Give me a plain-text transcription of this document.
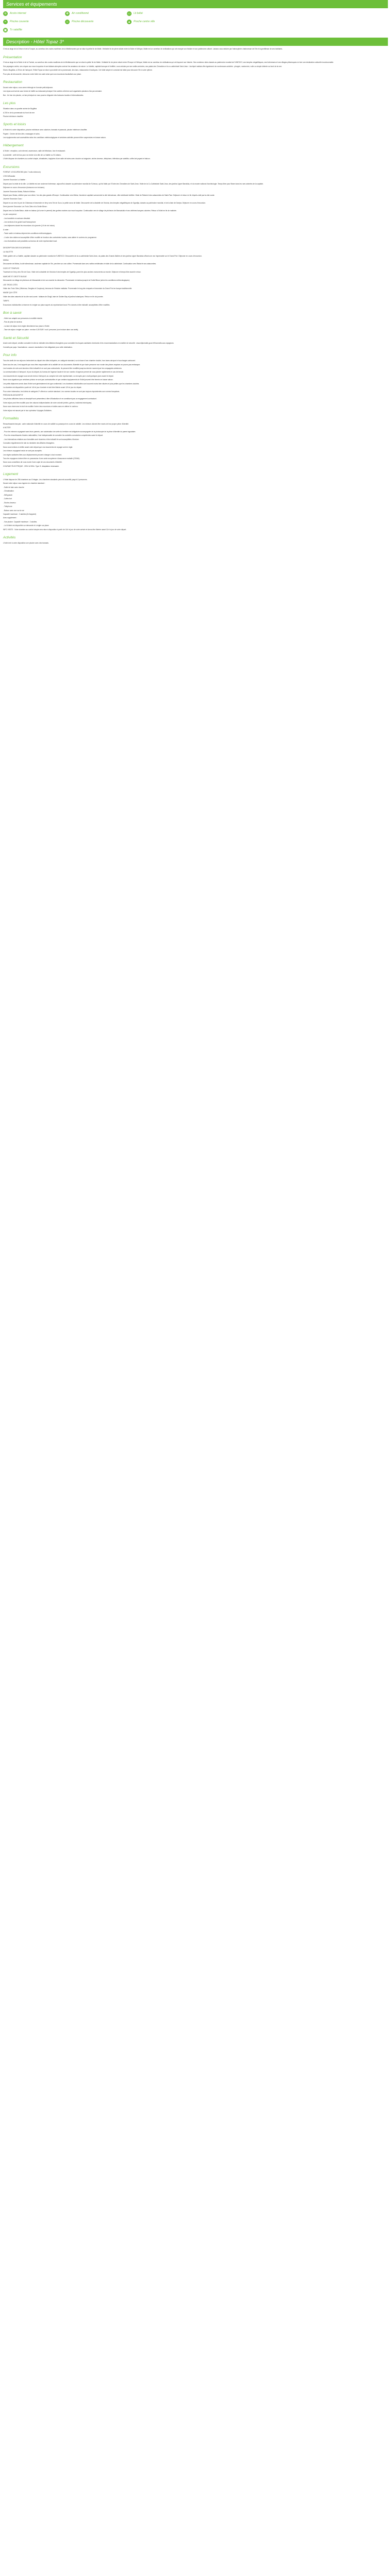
Services et équipements
≋	Accès internet	✻	Air conditionné	▭	Lit bébé
≈	Piscine couverte	☼	Piscine découverte	▲	Proche centre ville
▣	Tv satellite
Description - Hôtel Topaz 3*

C'est au large de la Grèce et de la Turquie, au carrefour des routes maritimes de la Méditerranée que se situe la petite île de Malte. Véritable île de pierre située entre la Sicile et l'Afrique, Malte est un carrefour de civilisations qui ont marqué son histoire et son patrimoine culturel. Laissez-vous séduire par l'atmosphère chaleureuse de l'île et la gentillesse de ses habitants.

Présentation

C'est au large de la Sicile et de la Tunisie, au carrefour des routes maritimes de la Méditerranée que se situe la petite île de Malte. Véritable île de pierre située entre l'Europe et l'Afrique, Malte est un carrefour de civilisations qui ont façonné son histoire. Ses nombreux sites classés au patrimoine mondial de l'UNESCO, ses temples mégalithiques, ses forteresses et ses villages pittoresques en font une destination culturelle incontournable.

Ses paysages variés, ses criques aux eaux turquoise et ses falaises abruptes raviront les amateurs de nature. La Valette, capitale baroque et fortifiée, vous séduira par ses ruelles animées, ses palais des Chevaliers et la co-cathédrale Saint-Jean. L'archipel maltais offre également de nombreuses activités : plongée, randonnée, voile ou simple détente au bord de la mer.

Situé à Bugibba, à 25 km de l'aéroport, l'Hôtel Topaz se situe à proximité de la promenade, des bars, restaurants et boutiques. Cet hôtel simple et convivial est idéal pour découvrir l'île à votre rythme.

Pour plus de découverte, retrouvez notre hôtel à la carte ainsi que nos excursions facultatives sur place.

Restauration

Durant votre séjour, vous serez hébergé en formule petit-déjeuner.

Les repas sont servis sous forme de buffet au restaurant principal. Des soirées à thème sont organisées plusieurs fois par semaine.

Bar : Un bar à la piscine, un bar principal où vous pourrez déguster des boissons locales et internationales.

Les plus

Situation dans un quartier animé de Bugibba

A 200 m de la promenade du front de mer

Piscine intérieure chauffée

Sports et loisirs

A l'hôtel et à votre disposition, piscine extérieure avec solarium, transats et parasols, piscine intérieure chauffée.

Payant : Centre de bien-être, massages et soins.

Les équipements sont accessibles selon les conditions météorologiques et certaines activités peuvent être suspendues en basse saison.

Hébergement

A l'hôtel : réception, coin internet, ascenseurs, salle de télévision, bar et restaurant.

A proximité : arrêt de bus pour se rendre à la ville de La Valette ou St Julians.

L'hôtel dispose de chambres au confort simple, climatisées, équipées d'une salle de bains avec douche ou baignoire, sèche-cheveux, téléphone, télévision par satellite, coffre-fort payant et balcon.

Excursions

FORFAIT 4 EXCURSIONS (dès 7 nuits minimum)

178 EUR/adulte

Journée Excursion La Valette :

Départ pour la visite de la ville. La Valette est une ancienne forteresse, aujourd'hui classée au patrimoine mondial de l'Unesco, qui fut bâtie par l'Ordre des Chevaliers de Saint-Jean. Visite de la Co-Cathédrale Saint-Jean, des jardins Upper Barrakka, et du musée national d'archéologie. Temps libre pour flâner dans les rues animées de la capitale.

Déjeuner en cours d'excursion (boissons non incluses).

Journée Excursion Mosta, Rabat et Mdina :

Départ pour Mosta, célèbre pour son dôme, l'un des plus grands d'Europe. Continuation vers Mdina, l'ancienne capitale surnommée la cité silencieuse, ville médiévale fortifiée. Visite de Rabat et des catacombes de Saint-Paul. Déjeuner et retour en fin d'après-midi par la côte ouest.

Journée Excursion Gozo :

Départ en car vers le port de Cirkewwa et traversée en ferry vers l'île de Gozo, la petite sœur de Malte. Découverte de la citadelle de Victoria, des temples mégalithiques de Ggantija, classés au patrimoine mondial, et de la baie de Dwejra. Déjeuner en cours d'excursion.

Demi-journée Excursion Les Trois Cités et la Grotte Bleue :

Départ vers la Grotte Bleue, visite en bateau (si la mer le permet) des grottes marines aux eaux turquoise. Continuation vers le village de pêcheurs de Marsaxlokk et ses célèbres barques colorées. Retour à l'hôtel en fin de matinée.

Le prix comprend :

- Les transferts en autocar climatisé

- Les services d'un guide local francophone

- Les déjeuners durant les excursions à la journée (1/4 de vin inclus)

A noter :

- Toute sortie en bateau dépend des conditions météorologiques.

- L'ordre des visites est susceptible d'être modifié en fonction des contraintes locales, sans altérer le contenu du programme.

- Les réservations sont possibles au bureau de notre représentant local.

DESCRIPTION DES EXCURSIONS

LA VALETTE

Visite guidée de La Valette, capitale classée au patrimoine mondial de l'UNESCO. Découverte de la co-cathédrale Saint-Jean, du palais des Grands Maîtres et des jardins Upper Barrakka offrant une vue imprenable sur le Grand Port. Déjeuner en cours d'excursion.

MDINA

Découverte de Mdina, la cité silencieuse, ancienne capitale de l'île, perchée sur une colline. Promenade dans ses ruelles médiévales et visite de la cathédrale. Continuation vers Rabat et ses catacombes.

GOZO ET TEMPLES

Traversée en ferry vers l'île de Gozo. Visite de la citadelle de Victoria et des temples de Ggantija, parmi les plus anciens monuments au monde. Déjeuner et temps libre avant le retour.

MARCHÉ ET GROTTE BLEUE

Découverte du village de pêcheurs de Marsaxlokk et de son marché du dimanche. Promenade en bateau jusqu'à la Grotte Bleue (selon les conditions météorologiques).

LES TROIS CITÉS

Visite des Trois Cités (Vittoriosa, Senglea et Cospicua), berceau de l'histoire maltaise. Promenade le long des remparts et traversée du Grand Port en barque traditionnelle.

MAGIE QUI CÔTE

Visite des sites naturels de la côte nord-ouest : falaises de Dingli, baie de Golden Bay et jardins botaniques. Retour en fin de journée.

TARIFS

Excursions individuelles à réserver et à régler sur place auprès du représentant local. Prix donnés à titre indicatif, susceptibles d'être modifiés.

Bon à savoir

- Hôtel non adapté aux personnes à mobilité réduite.

- Pas de prise de secteur.

- La taxe de séjour est à régler directement sur place à l'hôtel.

- Taxe de séjour à régler sur place : environ 0,50 EUR / nuit / personne (non incluse dans nos tarifs).

Santé et Sécurité

Avant votre départ, veuillez consulter le site du ministère des Affaires étrangères pour connaître les risques sanitaires éventuels et les recommandations en matière de sécurité : www.diplomatie.gouv.fr/fr/conseils-aux-voyageurs.

Conseils par pays. Vaccinations : aucune vaccination n'est obligatoire pour cette destination.

Pour info

Tous les tarifs de nos séjours s'entendent au départ des villes indiquées, en catégorie standard, sur la base d'une chambre double, hors taxes aéroport et surcharges carburant.

Dans tous les cas, il est rappelé que vous êtes responsable de la validité de vos documents d'identité et que toute personne non munie des pièces requises ne pourra pas embarquer.

Les horaires de vols sont donnés à titre indicatif et ne sont pas contractuels. Ils peuvent être modifiés jusqu'au dernier moment par les compagnies aériennes.

La communication à l'aéroport, le jour du départ, du bureau de l'agence locale et de son numéro d'urgence permet de vous joindre rapidement en cas de besoin.

Les documents de voyage vous seront remis à l'aéroport, au comptoir de notre représentant, ou envoyés par e-mail quelques jours avant le départ.

Nous vous signalons que certaines photos ne sont pas contractuelles et que certains équipements de l'hôtel peuvent être fermés en basse saison.

Les petits déjeuners servis dans l'hôtel sont généralement de type continental. Les chambres individuelles sont souvent moins bien situées et plus petites que les chambres doubles.

La chambre est disponible à partir de 14h le jour d'arrivée et doit être libérée avant 12h le jour du départ.

Pour votre information, les hôtels de catégorie 3* offrent un confort standard. Les normes locales ne sont pas toujours équivalentes aux normes françaises.

PRÉCISION DESCRIPTIF

Les photos affichées dans ce descriptif sont présentées à titre d'illustration et ne constituent pas un engagement contractuel.

Votre séjour peut être modifié pour des raisons indépendantes de notre volonté (météo, grèves, incidents techniques).

Nous nous réservons le droit de modifier l'ordre des excursions et visites sans en altérer le contenu.

Votre séjour est assuré par le tour opérateur Voyages-Solidaires.

Formalités

Ressortissants français : carte nationale d'identité en cours de validité ou passeport en cours de validité. Les mineurs doivent être munis de leur propre pièce d'identité.

A NOTER

- Pour les mineurs voyageant sans leurs parents, une autorisation de sortie du territoire est obligatoire accompagnée de la photocopie de la pièce d'identité du parent signataire.

- Pour les ressortissants d'autres nationalités, il est indispensable de consulter les autorités consulaires compétentes avant le départ.

- Les informations relatives aux formalités sont données à titre indicatif et sont susceptibles d'évoluer.

Consultez régulièrement le site du ministère des Affaires étrangères.

Nous vous invitons à vérifier avant votre départ que vos documents de voyage sont en règle.

Les mineurs voyageant seuls ne sont pas acceptés.

Les règles sanitaires liées aux déplacements peuvent changer à tout moment.

Tous les voyageurs doivent être en possession d'une carte européenne d'assurance maladie (CEAM).

Nous vous conseillons de vous munir d'une copie de vos documents d'identité.

COURANT ÉLECTRIQUE : 230V et 50Hz. Type G. Adaptateur nécessaire.

Logement

L'Hôtel dispose de 256 chambres sur 8 étages. Les chambres standards peuvent accueillir jusqu'à 3 personnes.

Durant votre séjour vous logerez en chambre standard :

- Salle de bain avec douche

- Climatisation

- Wifi gratuit

- Coffre-fort

- Sèche-cheveux

- Téléphone

- Balcon avec vue sur la rue

Capacité maximum : 3 adultes (lit d'appoint)

Avec supplément :

- Vue piscine. Capacité maximum : 2 adultes.

- Le lit bébé est disponible sur demande et à régler sur place.

INFO VISITE : Votre chambre au confort simple sera mise à disposition à partir de 14h le jour de votre arrivée et devra être libérée avant 11h le jour de votre départ.

Activités

L'hôtel met à votre disposition une piscine avec des transats.
